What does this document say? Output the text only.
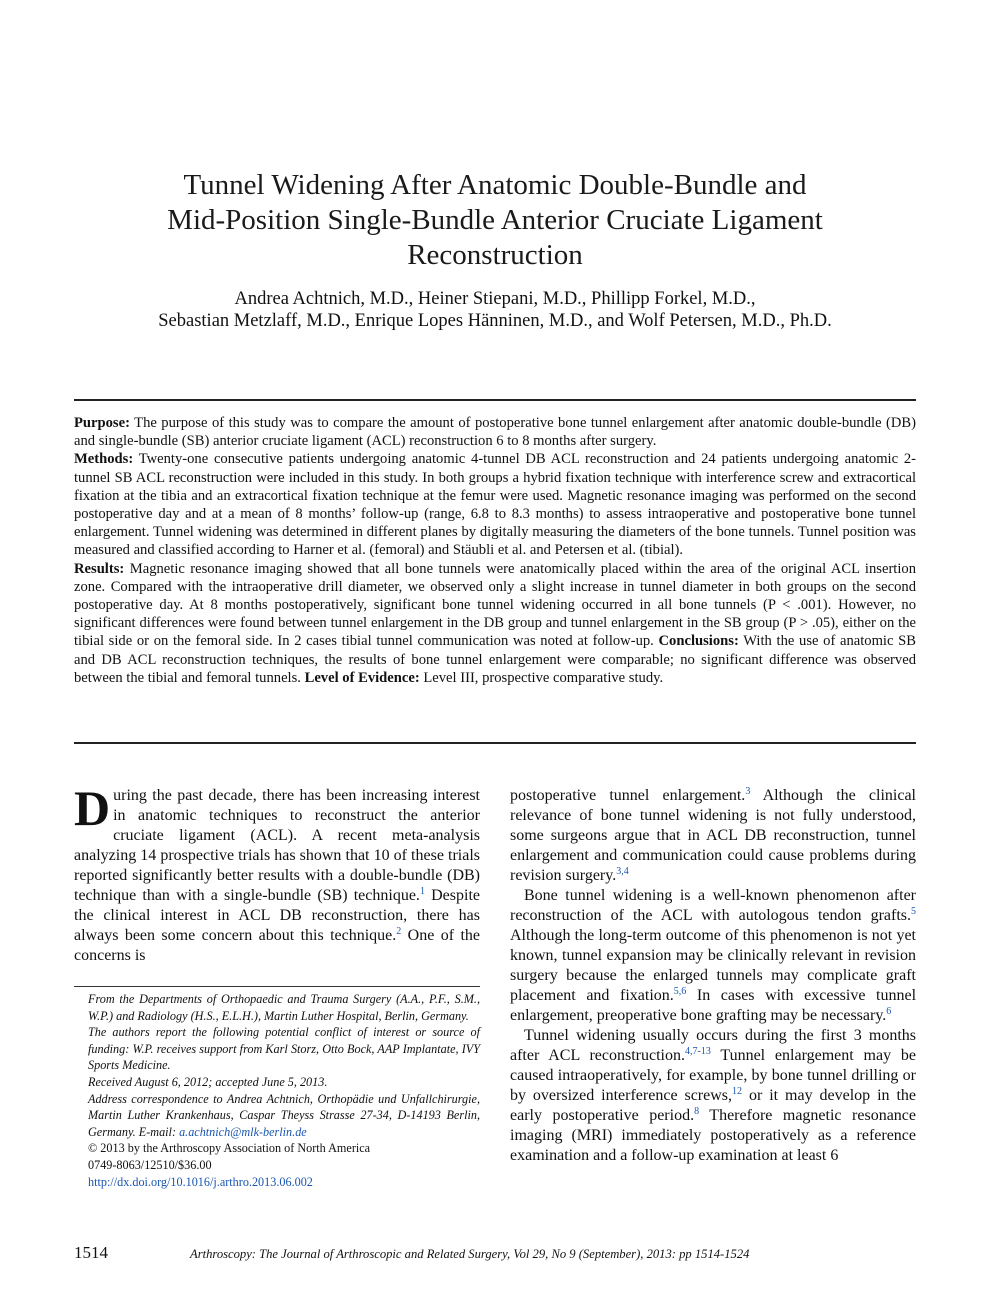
Tunnel Widening After Anatomic Double-Bundle and
Mid-Position Single-Bundle Anterior Cruciate Ligament
Reconstruction
Andrea Achtnich, M.D., Heiner Stiepani, M.D., Phillipp Forkel, M.D.,
Sebastian Metzlaff, M.D., Enrique Lopes Hänninen, M.D., and Wolf Petersen, M.D., Ph.D.
Purpose: The purpose of this study was to compare the amount of postoperative bone tunnel enlargement after anatomic double-bundle (DB) and single-bundle (SB) anterior cruciate ligament (ACL) reconstruction 6 to 8 months after surgery.
Methods: Twenty-one consecutive patients undergoing anatomic 4-tunnel DB ACL reconstruction and 24 patients undergoing anatomic 2-tunnel SB ACL reconstruction were included in this study. In both groups a hybrid fixation technique with interference screw and extracortical fixation at the tibia and an extracortical fixation technique at the femur were used. Magnetic resonance imaging was performed on the second postoperative day and at a mean of 8 months’ follow-up (range, 6.8 to 8.3 months) to assess intraoperative and postoperative bone tunnel enlargement. Tunnel widening was determined in different planes by digitally measuring the diameters of the bone tunnels. Tunnel position was measured and classified according to Harner et al. (femoral) and Stäubli et al. and Petersen et al. (tibial).
Results: Magnetic resonance imaging showed that all bone tunnels were anatomically placed within the area of the original ACL insertion zone. Compared with the intraoperative drill diameter, we observed only a slight increase in tunnel diameter in both groups on the second postoperative day. At 8 months postoperatively, significant bone tunnel widening occurred in all bone tunnels (P < .001). However, no significant differences were found between tunnel enlargement in the DB group and tunnel enlargement in the SB group (P > .05), either on the tibial side or on the femoral side. In 2 cases tibial tunnel communication was noted at follow-up. Conclusions: With the use of anatomic SB and DB ACL reconstruction techniques, the results of bone tunnel enlargement were comparable; no significant difference was observed between the tibial and femoral tunnels. Level of Evidence: Level III, prospective comparative study.

During the past decade, there has been increasing interest in anatomic techniques to reconstruct the anterior cruciate ligament (ACL). A recent meta-analysis analyzing 14 prospective trials has shown that 10 of these trials reported significantly better results with a double-bundle (DB) technique than with a single-bundle (SB) technique.$^1$ Despite the clinical interest in ACL DB reconstruction, there has always been some concern about this technique.$^2$ One of the concerns is

From the Departments of Orthopaedic and Trauma Surgery (A.A., P.F., S.M., W.P.) and Radiology (H.S., E.L.H.), Martin Luther Hospital, Berlin, Germany.

The authors report the following potential conflict of interest or source of funding: W.P. receives support from Karl Storz, Otto Bock, AAP Implantate, IVY Sports Medicine.

Received August 6, 2012; accepted June 5, 2013.

Address correspondence to Andrea Achtnich, Orthopädie und Unfallchirurgie, Martin Luther Krankenhaus, Caspar Theyss Strasse 27-34, D-14193 Berlin, Germany. E-mail: a.achtnich@mlk-berlin.de

© 2013 by the Arthroscopy Association of North America

0749-8063/12510/$36.00

http://dx.doi.org/10.1016/j.arthro.2013.06.002

postoperative tunnel enlargement.$^3$ Although the clinical relevance of bone tunnel widening is not fully understood, some surgeons argue that in ACL DB reconstruction, tunnel enlargement and communication could cause problems during revision surgery.$^{3,4}$

Bone tunnel widening is a well-known phenomenon after reconstruction of the ACL with autologous tendon grafts.$^5$ Although the long-term outcome of this phenomenon is not yet known, tunnel expansion may be clinically relevant in revision surgery because the enlarged tunnels may complicate graft placement and fixation.$^{5,6}$ In cases with excessive tunnel enlargement, preoperative bone grafting may be necessary.$^6$

Tunnel widening usually occurs during the first 3 months after ACL reconstruction.$^{4,7-13}$ Tunnel enlargement may be caused intraoperatively, for example, by bone tunnel drilling or by oversized interference screws,$^{12}$ or it may develop in the early postoperative period.$^8$ Therefore magnetic resonance imaging (MRI) immediately postoperatively as a reference examination and a follow-up examination at least 6

1514	Arthroscopy: The Journal of Arthroscopic and Related Surgery, Vol 29, No 9 (September), 2013: pp 1514-1524
